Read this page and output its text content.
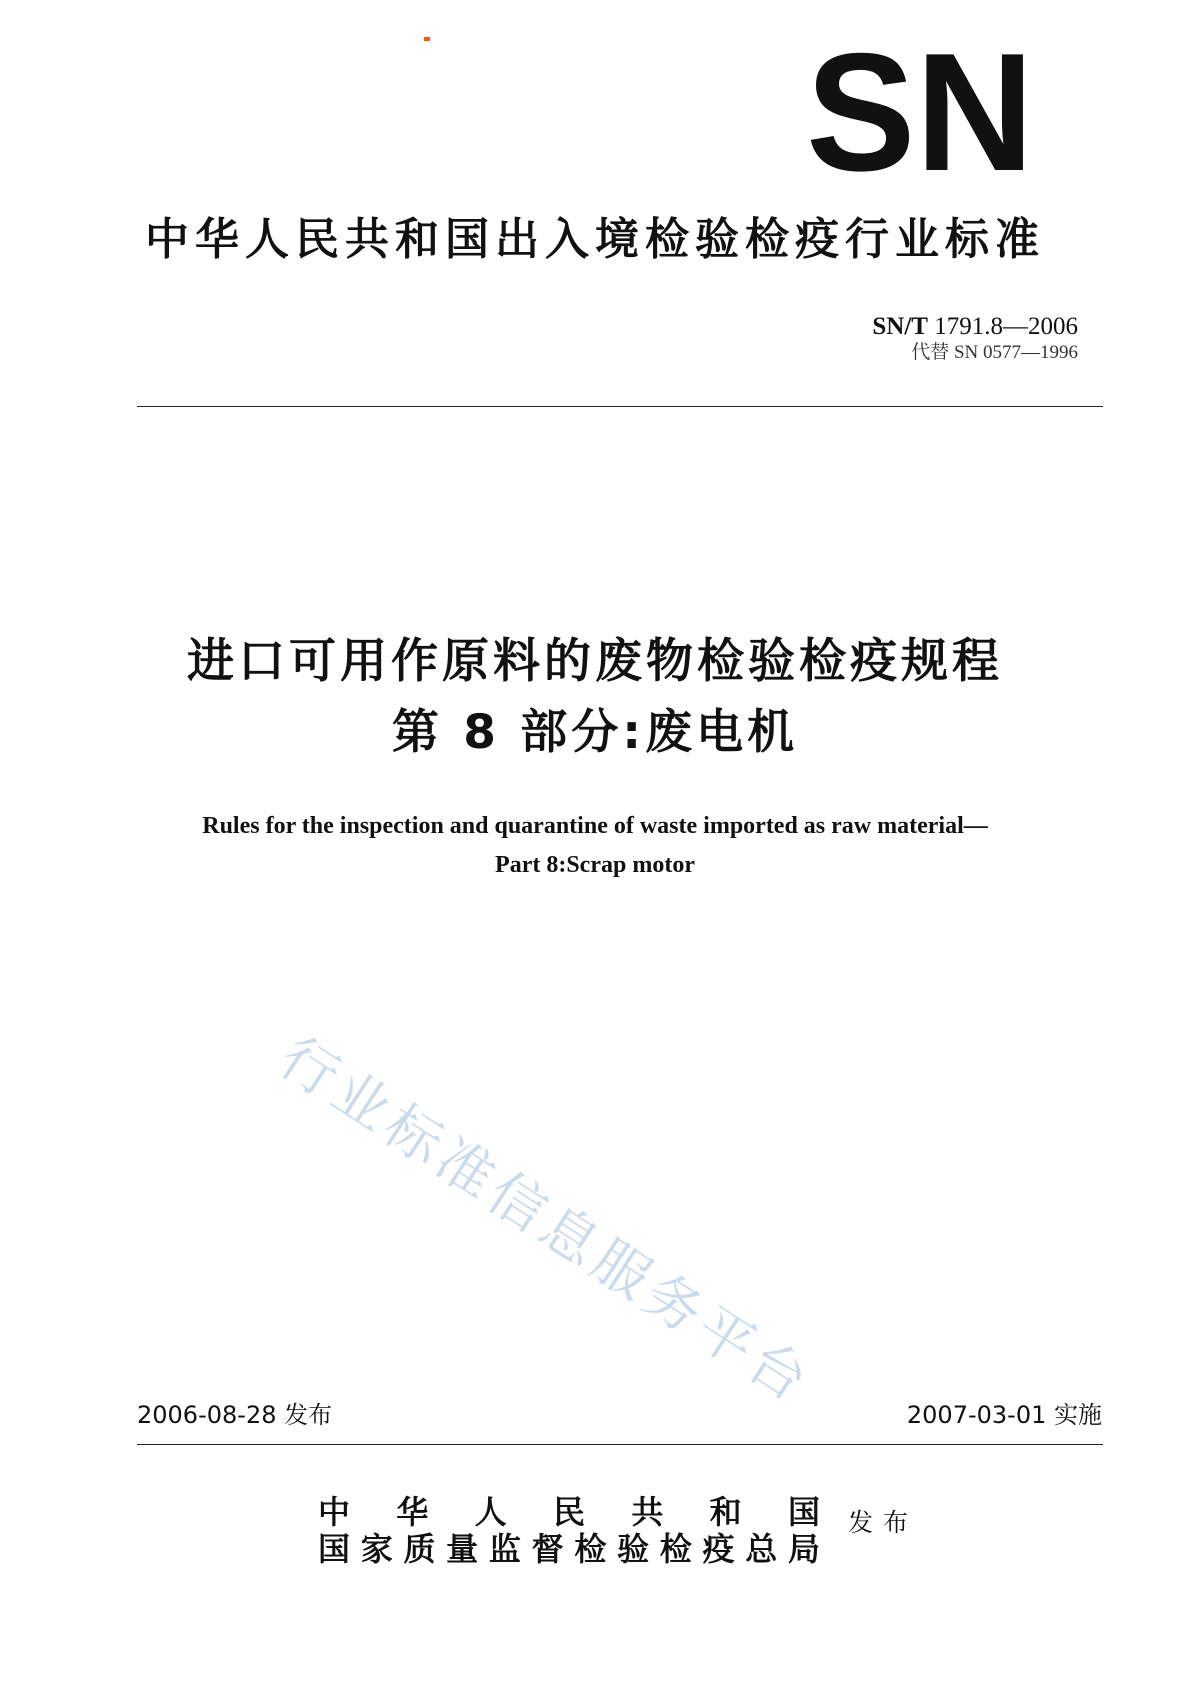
SN
中华人民共和国出入境检验检疫行业标准
SN/T 1791.8—2006
代替 SN 0577—1996
进口可用作原料的废物检验检疫规程
第 8 部分:废电机
Rules for the inspection and quarantine of waste imported as raw material—
Part 8:Scrap motor
行业标准信息服务平台
2006-08-28 发布	2007-03-01 实施
中华人民共和国
国家质量监督检验检疫总局
发布
